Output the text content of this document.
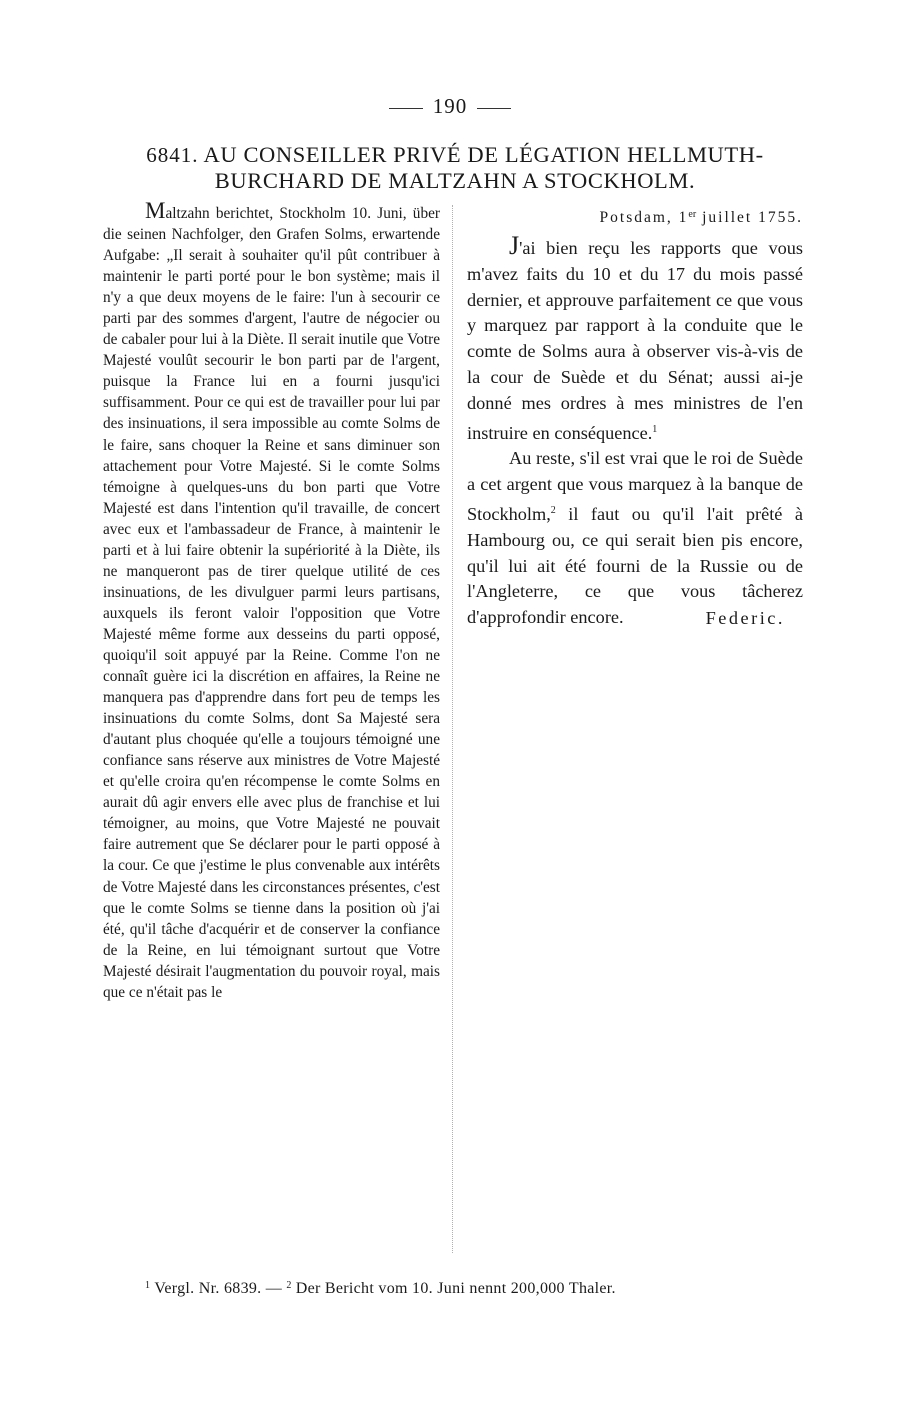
190
6841. AU CONSEILLER PRIVÉ DE LÉGATION HELLMUTH-
BURCHARD DE MALTZAHN A STOCKHOLM.
Maltzahn berichtet, Stockholm 10. Juni, über die seinen Nachfolger, den Grafen Solms, erwartende Aufgabe: „Il serait à souhaiter qu'il pût contribuer à maintenir le parti porté pour le bon système; mais il n'y a que deux moyens de le faire: l'un à secourir ce parti par des sommes d'argent, l'autre de négocier ou de cabaler pour lui à la Diète. Il serait inutile que Votre Majesté voulût secourir le bon parti par de l'argent, puisque la France lui en a fourni jusqu'ici suffisamment. Pour ce qui est de travailler pour lui par des insinuations, il sera impossible au comte Solms de le faire, sans choquer la Reine et sans diminuer son attachement pour Votre Majesté. Si le comte Solms témoigne à quelques-uns du bon parti que Votre Majesté est dans l'intention qu'il travaille, de concert avec eux et l'ambassadeur de France, à maintenir le parti et à lui faire obtenir la supériorité à la Diète, ils ne manqueront pas de tirer quelque utilité de ces insinuations, de les divulguer parmi leurs partisans, auxquels ils feront valoir l'opposition que Votre Majesté même forme aux desseins du parti opposé, quoiqu'il soit appuyé par la Reine. Comme l'on ne connaît guère ici la discrétion en affaires, la Reine ne manquera pas d'apprendre dans fort peu de temps les insinuations du comte Solms, dont Sa Majesté sera d'autant plus choquée qu'elle a toujours témoigné une confiance sans réserve aux ministres de Votre Majesté et qu'elle croira qu'en récompense le comte Solms en aurait dû agir envers elle avec plus de franchise et lui témoigner, au moins, que Votre Majesté ne pouvait faire autrement que Se déclarer pour le parti opposé à la cour. Ce que j'estime le plus convenable aux intérêts de Votre Majesté dans les circonstances présentes, c'est que le comte Solms se tienne dans la position où j'ai été, qu'il tâche d'acquérir et de conserver la confiance de la Reine, en lui témoignant surtout que Votre Majesté désirait l'augmentation du pouvoir royal, mais que ce n'était pas le
Potsdam, 1er juillet 1755.

J'ai bien reçu les rapports que vous m'avez faits du 10 et du 17 du mois passé dernier, et approuve parfaitement ce que vous y marquez par rapport à la conduite que le comte de Solms aura à observer vis-à-vis de la cour de Suède et du Sénat; aussi ai-je donné mes ordres à mes ministres de l'en instruire en conséquence.$^1$

Au reste, s'il est vrai que le roi de Suède a cet argent que vous marquez à la banque de Stockholm,$^2$ il faut ou qu'il l'ait prêté à Hambourg ou, ce qui serait bien pis encore, qu'il lui ait été fourni de la Russie ou de l'Angleterre, ce que vous tâcherez d'approfondir encore.	Federic.
$^1$ Vergl. Nr. 6839. — $^2$ Der Bericht vom 10. Juni nennt 200,000 Thaler.
